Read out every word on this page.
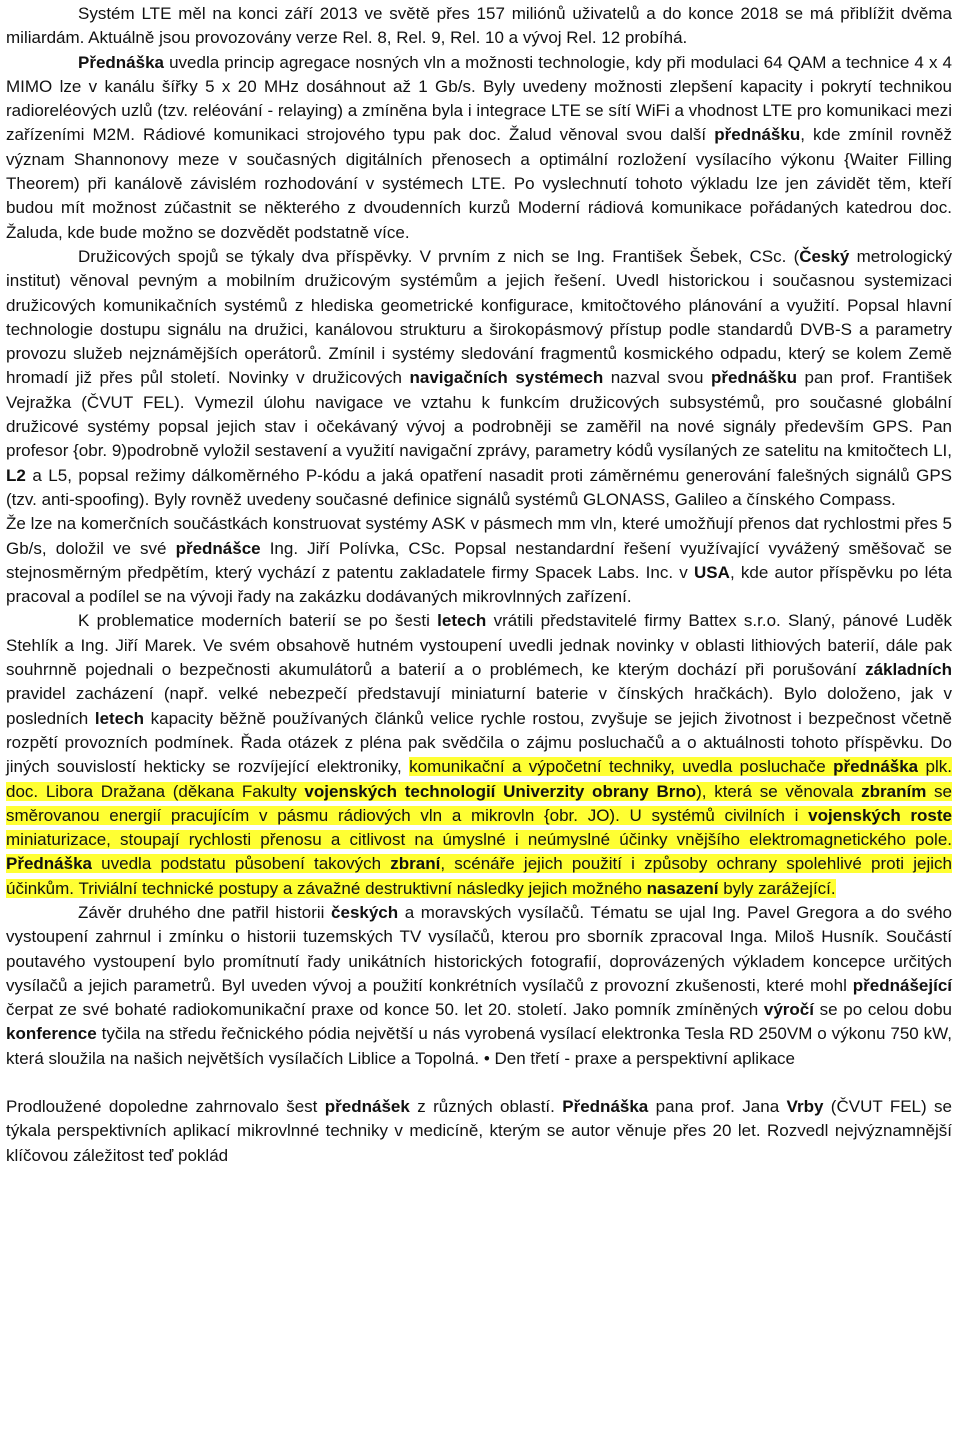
Systém LTE měl na konci září 2013 ve světě přes 157 miliónů uživatelů a do konce 2018 se má přiblížit dvěma miliardám. Aktuálně jsou provozovány verze Rel. 8, Rel. 9, Rel. 10 a vývoj Rel. 12 probíhá.

Přednáška uvedla princip agregace nosných vln a možnosti technologie, kdy při modulaci 64 QAM a technice 4 x 4 MIMO lze v kanálu šířky 5 x 20 MHz dosáhnout až 1 Gb/s. Byly uvedeny možnosti zlepšení kapacity i pokrytí technikou radioreléových uzlů (tzv. reléování - relaying) a zmíněna byla i integrace LTE se sítí WiFi a vhodnost LTE pro komunikaci mezi zařízeními M2M. Rádiové komunikaci strojového typu pak doc. Žalud věnoval svou další přednášku, kde zmínil rovněž význam Shannonovy meze v současných digitálních přenosech a optimální rozložení vysílacího výkonu {Waiter Filling Theorem) při kanálově závislém rozhodování v systémech LTE. Po vyslechnutí tohoto výkladu lze jen závidět těm, kteří budou mít možnost zúčastnit se některého z dvoudenních kurzů Moderní rádiová komunikace pořádaných katedrou doc. Žaluda, kde bude možno se dozvědět podstatně více.

Družicových spojů se týkaly dva příspěvky. V prvním z nich se Ing. František Šebek, CSc. (Český metrologický institut) věnoval pevným a mobilním družicovým systémům a jejich řešení. Uvedl historickou i současnou systemizaci družicových komunikačních systémů z hlediska geometrické konfigurace, kmitočtového plánování a využití. Popsal hlavní technologie dostupu signálu na družici, kanálovou strukturu a širokopásmový přístup podle standardů DVB-S a parametry provozu služeb nejznámějších operátorů. Zmínil i systémy sledování fragmentů kosmického odpadu, který se kolem Země hromadí již přes půl století. Novinky v družicových navigačních systémech nazval svou přednášku pan prof. František Vejražka (ČVUT FEL). Vymezil úlohu navigace ve vztahu k funkcím družicových subsystémů, pro současné globální družicové systémy popsal jejich stav i očekávaný vývoj a podrobněji se zaměřil na nové signály především GPS. Pan profesor {obr. 9)podrobně vyložil sestavení a využití navigační zprávy, parametry kódů vysílaných ze satelitu na kmitočtech LI, L2 a L5, popsal režimy dálkoměrného P-kódu a jaká opatření nasadit proti záměrnému generování falešných signálů GPS (tzv. anti-spoofing). Byly rovněž uvedeny současné definice signálů systémů GLONASS, Galileo a čínského Compass.

Že lze na komerčních součástkách konstruovat systémy ASK v pásmech mm vln, které umožňují přenos dat rychlostmi přes 5 Gb/s, doložil ve své přednášce Ing. Jiří Polívka, CSc. Popsal nestandardní řešení využívající vyvážený směšovač se stejnosměrným předpětím, který vychází z patentu zakladatele firmy Spacek Labs. Inc. v USA, kde autor příspěvku po léta pracoval a podílel se na vývoji řady na zakázku dodávaných mikrovlnných zařízení.

K problematice moderních baterií se po šesti letech vrátili představitelé firmy Battex s.r.o. Slaný, pánové Luděk Stehlík a Ing. Jiří Marek. Ve svém obsahově hutném vystoupení uvedli jednak novinky v oblasti lithiových baterií, dále pak souhrnně pojednali o bezpečnosti akumulátorů a baterií a o problémech, ke kterým dochází při porušování základních pravidel zacházení (např. velké nebezpečí představují miniaturní baterie v čínských hračkách). Bylo doloženo, jak v posledních letech kapacity běžně používaných článků velice rychle rostou, zvyšuje se jejich životnost i bezpečnost včetně rozpětí provozních podmínek. Řada otázek z pléna pak svědčila o zájmu posluchačů a o aktuálnosti tohoto příspěvku. Do jiných souvislostí hekticky se rozvíjející elektroniky, komunikační a výpočetní techniky, uvedla posluchače přednáška plk. doc. Libora Dražana (děkana Fakulty vojenských technologií Univerzity obrany Brno), která se věnovala zbraním se směrovanou energií pracujícím v pásmu rádiových vln a mikrovln {obr. JO). U systémů civilních i vojenských roste miniaturizace, stoupají rychlosti přenosu a citlivost na úmyslné i neúmyslné účinky vnějšího elektromagnetického pole. Přednáška uvedla podstatu působení takových zbraní, scénáře jejich použití i způsoby ochrany spolehlivé proti jejich účinkům. Triviální technické postupy a závažné destruktivní následky jejich možného nasazení byly zarážející.

Závěr druhého dne patřil historii českých a moravských vysílačů. Tématu se ujal Ing. Pavel Gregora a do svého vystoupení zahrnul i zmínku o historii tuzemských TV vysílačů, kterou pro sborník zpracoval Inga. Miloš Husník. Součástí poutavého vystoupení bylo promítnutí řady unikátních historických fotografií, doprovázených výkladem koncepce určitých vysílačů a jejich parametrů. Byl uveden vývoj a použití konkrétních vysílačů z provozní zkušenosti, které mohl přednášející čerpat ze své bohaté radiokomunikační praxe od konce 50. let 20. století. Jako pomník zmíněných výročí se po celou dobu konference tyčila na středu řečnického pódia největší u nás vyrobená vysílací elektronka Tesla RD 250VM o výkonu 750 kW, která sloužila na našich největších vysílačích Liblice a Topolná. • Den třetí - praxe a perspektivní aplikace

Prodloužené dopoledne zahrnovalo šest přednášek z různých oblastí. Přednáška pana prof. Jana Vrby (ČVUT FEL) se týkala perspektivních aplikací mikrovlnné techniky v medicíně, kterým se autor věnuje přes 20 let. Rozvedl nejvýznamnější klíčovou záležitost teď poklád
